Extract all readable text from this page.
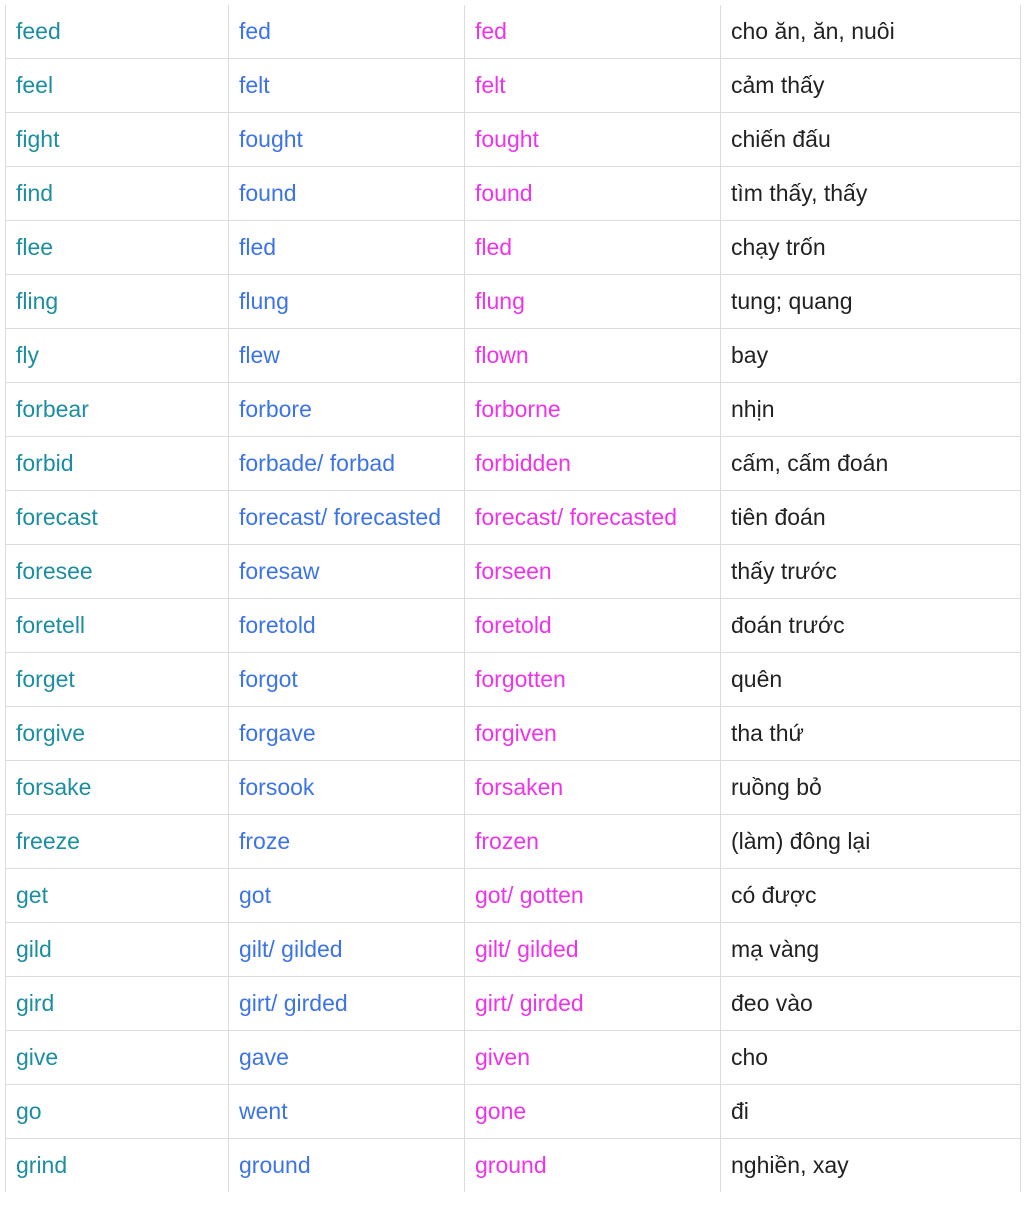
feed	fed	fed	cho ăn, ăn, nuôi
feel	felt	felt	cảm thấy
fight	fought	fought	chiến đấu
find	found	found	tìm thấy, thấy
flee	fled	fled	chạy trốn
fling	flung	flung	tung; quang
fly	flew	flown	bay
forbear	forbore	forborne	nhịn
forbid	forbade/ forbad	forbidden	cấm, cấm đoán
forecast	forecast/ forecasted	forecast/ forecasted	tiên đoán
foresee	foresaw	forseen	thấy trước
foretell	foretold	foretold	đoán trước
forget	forgot	forgotten	quên
forgive	forgave	forgiven	tha thứ
forsake	forsook	forsaken	ruồng bỏ
freeze	froze	frozen	(làm) đông lại
get	got	got/ gotten	có được
gild	gilt/ gilded	gilt/ gilded	mạ vàng
gird	girt/ girded	girt/ girded	đeo vào
give	gave	given	cho
go	went	gone	đi
grind	ground	ground	nghiền, xay
